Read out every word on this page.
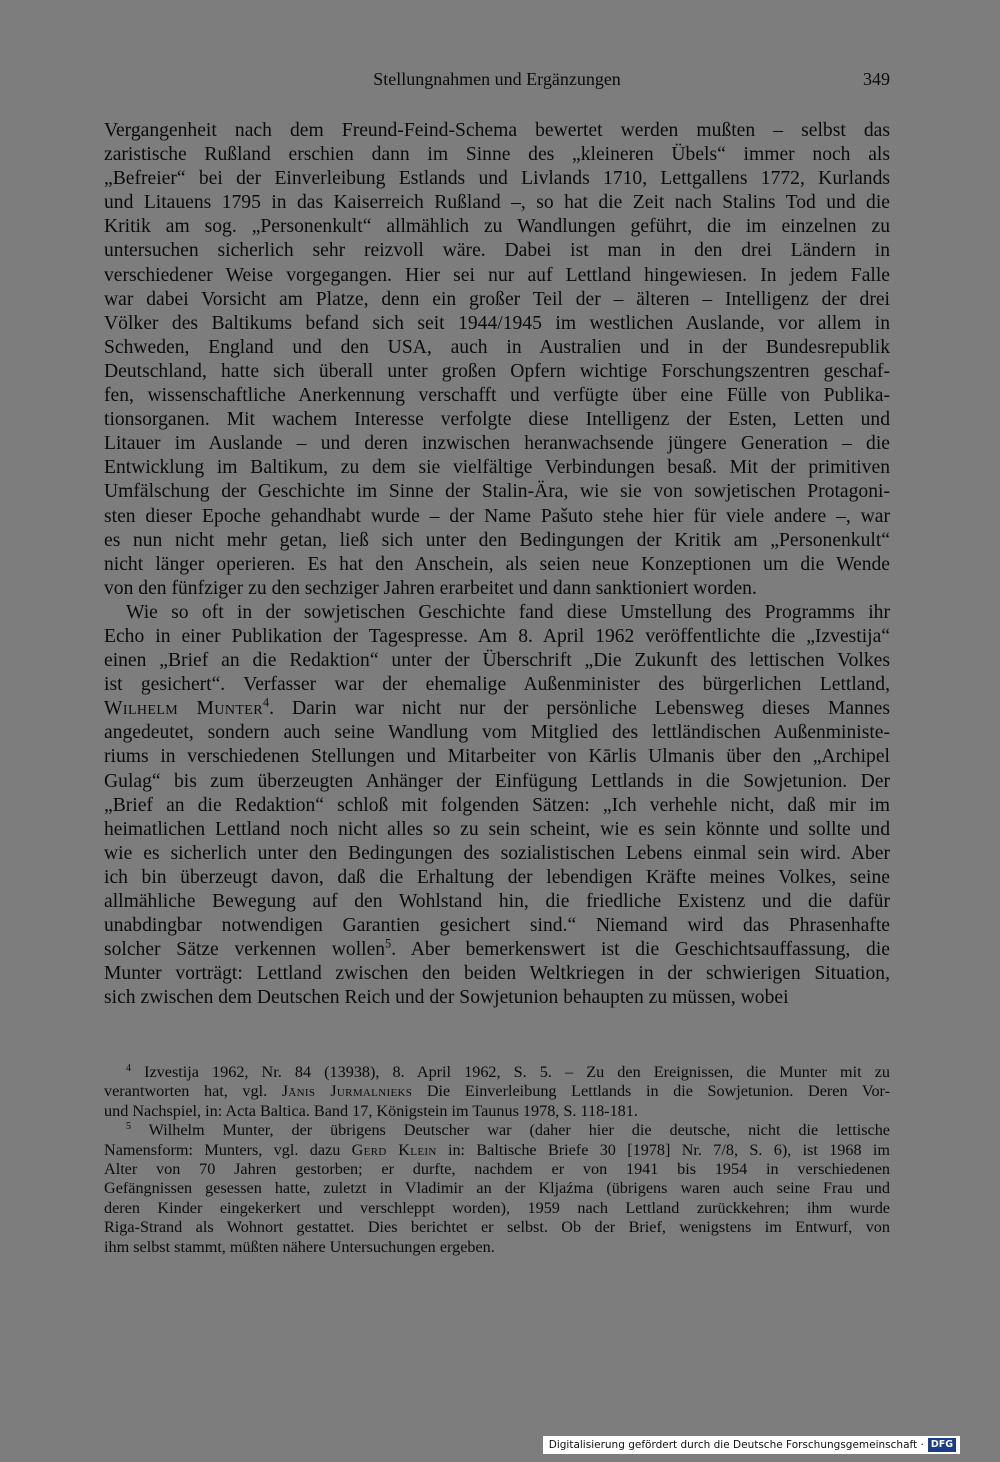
Stellungnahmen und Ergänzungen	349
Vergangenheit nach dem Freund-Feind-Schema bewertet werden mußten – selbst das
zaristische Rußland erschien dann im Sinne des „kleineren Übels“ immer noch als
„Befreier“ bei der Einverleibung Estlands und Livlands 1710, Lettgallens 1772, Kurlands
und Litauens 1795 in das Kaiserreich Rußland –, so hat die Zeit nach Stalins Tod und die
Kritik am sog. „Personenkult“ allmählich zu Wandlungen geführt, die im einzelnen zu
untersuchen sicherlich sehr reizvoll wäre. Dabei ist man in den drei Ländern in
verschiedener Weise vorgegangen. Hier sei nur auf Lettland hingewiesen. In jedem Falle
war dabei Vorsicht am Platze, denn ein großer Teil der – älteren – Intelligenz der drei
Völker des Baltikums befand sich seit 1944/1945 im westlichen Auslande, vor allem in
Schweden, England und den USA, auch in Australien und in der Bundesrepublik
Deutschland, hatte sich überall unter großen Opfern wichtige Forschungszentren geschaf-
fen, wissenschaftliche Anerkennung verschafft und verfügte über eine Fülle von Publika-
tionsorganen. Mit wachem Interesse verfolgte diese Intelligenz der Esten, Letten und
Litauer im Auslande – und deren inzwischen heranwachsende jüngere Generation – die
Entwicklung im Baltikum, zu dem sie vielfältige Verbindungen besaß. Mit der primitiven
Umfälschung der Geschichte im Sinne der Stalin-Ära, wie sie von sowjetischen Protagoni-
sten dieser Epoche gehandhabt wurde – der Name Pašuto stehe hier für viele andere –, war
es nun nicht mehr getan, ließ sich unter den Bedingungen der Kritik am „Personenkult“
nicht länger operieren. Es hat den Anschein, als seien neue Konzeptionen um die Wende
von den fünfziger zu den sechziger Jahren erarbeitet und dann sanktioniert worden.
Wie so oft in der sowjetischen Geschichte fand diese Umstellung des Programms ihr
Echo in einer Publikation der Tagespresse. Am 8. April 1962 veröffentlichte die „Izvestija“
einen „Brief an die Redaktion“ unter der Überschrift „Die Zukunft des lettischen Volkes
ist gesichert“. Verfasser war der ehemalige Außenminister des bürgerlichen Lettland,
Wilhelm Munter$^4$. Darin war nicht nur der persönliche Lebensweg dieses Mannes
angedeutet, sondern auch seine Wandlung vom Mitglied des lettländischen Außenministe-
riums in verschiedenen Stellungen und Mitarbeiter von Kārlis Ulmanis über den „Archipel
Gulag“ bis zum überzeugten Anhänger der Einfügung Lettlands in die Sowjetunion. Der
„Brief an die Redaktion“ schloß mit folgenden Sätzen: „Ich verhehle nicht, daß mir im
heimatlichen Lettland noch nicht alles so zu sein scheint, wie es sein könnte und sollte und
wie es sicherlich unter den Bedingungen des sozialistischen Lebens einmal sein wird. Aber
ich bin überzeugt davon, daß die Erhaltung der lebendigen Kräfte meines Volkes, seine
allmähliche Bewegung auf den Wohlstand hin, die friedliche Existenz und die dafür
unabdingbar notwendigen Garantien gesichert sind.“ Niemand wird das Phrasenhafte
solcher Sätze verkennen wollen$^5$. Aber bemerkenswert ist die Geschichtsauffassung, die
Munter vorträgt: Lettland zwischen den beiden Weltkriegen in der schwierigen Situation,
sich zwischen dem Deutschen Reich und der Sowjetunion behaupten zu müssen, wobei
$^4$ Izvestija 1962, Nr. 84 (13938), 8. April 1962, S. 5. – Zu den Ereignissen, die Munter mit zu
verantworten hat, vgl. Jānis Jurmalnieks Die Einverleibung Lettlands in die Sowjetunion. Deren Vor-
und Nachspiel, in: Acta Baltica. Band 17, Königstein im Taunus 1978, S. 118-181.
$^5$ Wilhelm Munter, der übrigens Deutscher war (daher hier die deutsche, nicht die lettische
Namensform: Munters, vgl. dazu Gerd Klein in: Baltische Briefe 30 [1978] Nr. 7/8, S. 6), ist 1968 im
Alter von 70 Jahren gestorben; er durfte, nachdem er von 1941 bis 1954 in verschiedenen
Gefängnissen gesessen hatte, zuletzt in Vladimir an der Kljaźma (übrigens waren auch seine Frau und
deren Kinder eingekerkert und verschleppt worden), 1959 nach Lettland zurückkehren; ihm wurde
Riga-Strand als Wohnort gestattet. Dies berichtet er selbst. Ob der Brief, wenigstens im Entwurf, von
ihm selbst stammt, müßten nähere Untersuchungen ergeben.
Digitalisierung gefördert durch die Deutsche Forschungsgemeinschaft · DFG
